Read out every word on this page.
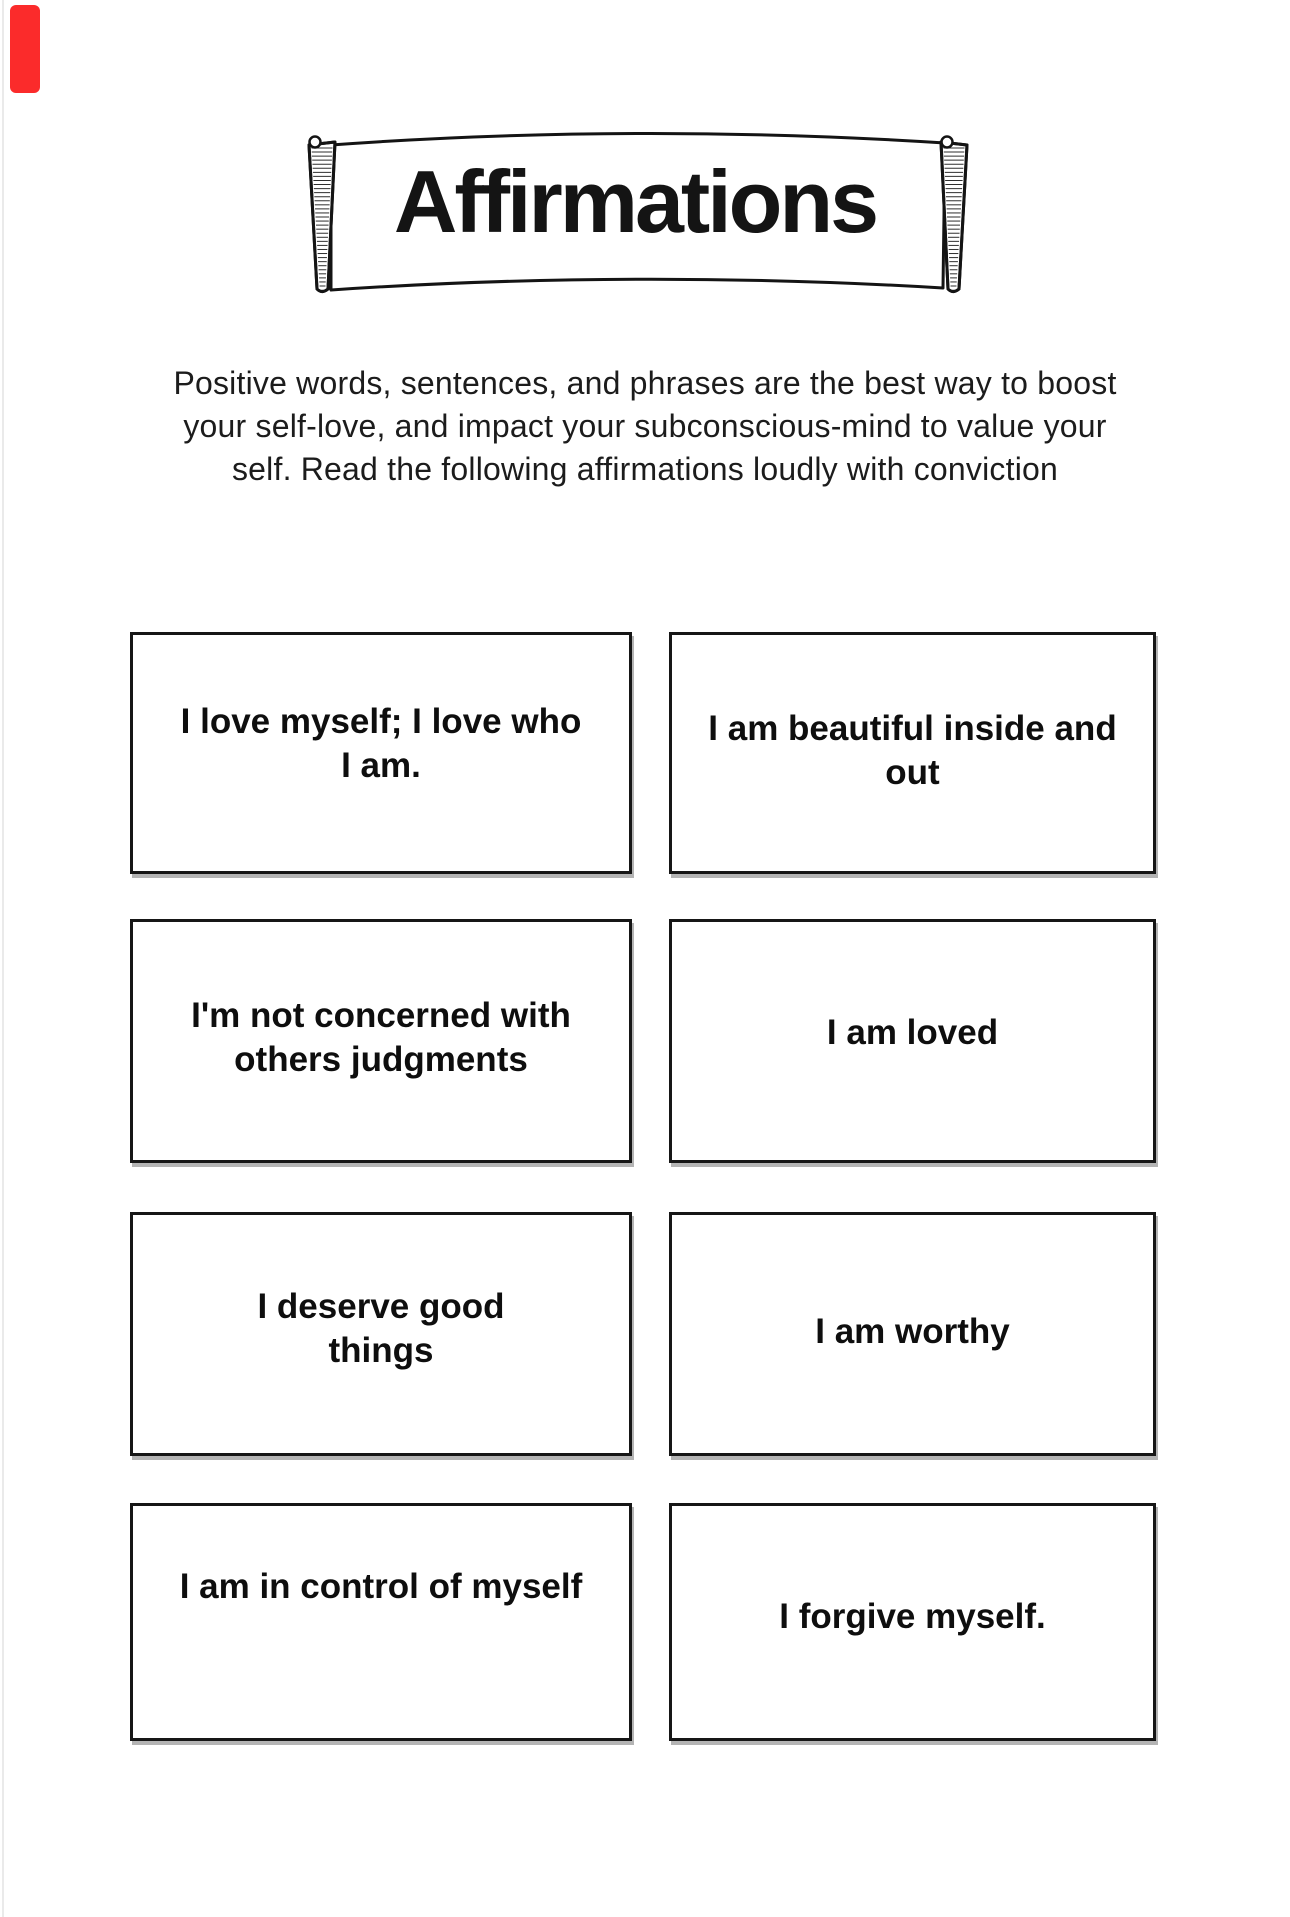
Affirmations
Positive words, sentences, and phrases are the best way to boost
your self-love, and impact your subconscious-mind to value your
self. Read the following affirmations loudly with conviction
I love myself; I love who
I am.
I am beautiful inside and
out
I'm not concerned with
others judgments
I am loved
I deserve good
things	I am worthy
I am in control of myself
I forgive myself.
